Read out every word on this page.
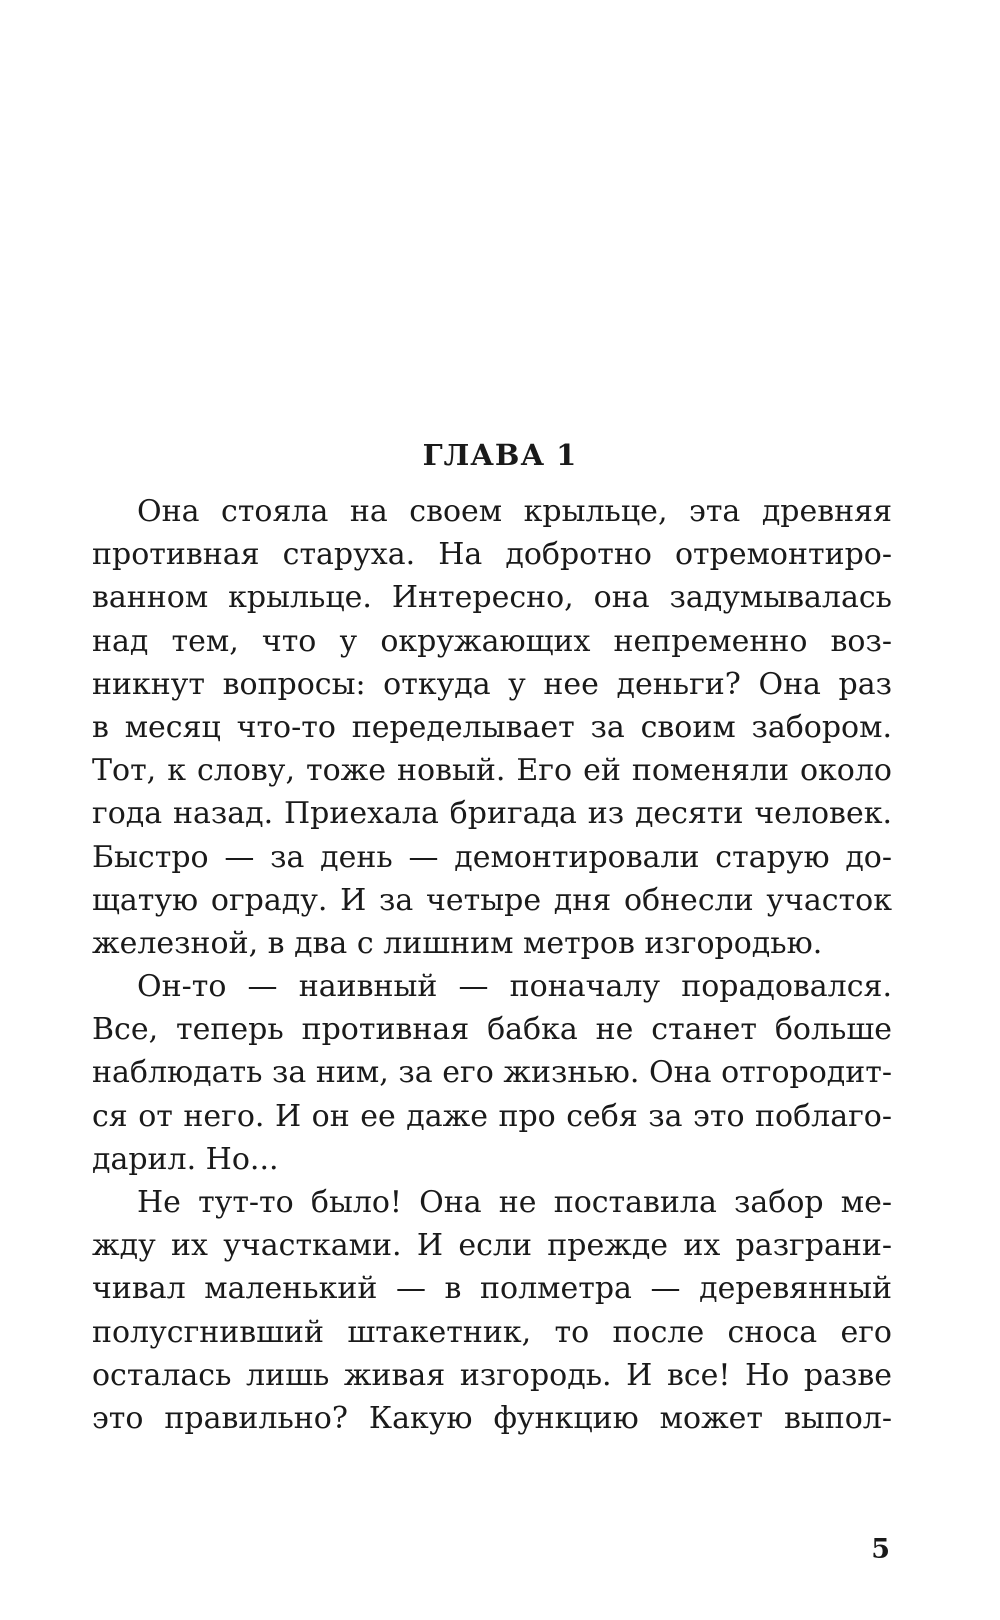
ГЛАВА 1
Она стояла на своем крыльце, эта древняя
противная старуха. На добротно отремонтиро-
ванном крыльце. Интересно, она задумывалась
над тем, что у окружающих непременно воз-
никнут вопросы: откуда у нее деньги? Она раз
в месяц что-то переделывает за своим забором.
Тот, к слову, тоже новый. Его ей поменяли около
года назад. Приехала бригада из десяти человек.
Быстро — за день — демонтировали старую до-
щатую ограду. И за четыре дня обнесли участок
железной, в два с лишним метров изгородью.
Он-то — наивный — поначалу порадовался.
Все, теперь противная бабка не станет больше
наблюдать за ним, за его жизнью. Она отгородит-
ся от него. И он ее даже про себя за это поблаго-
дарил. Но...
Не тут-то было! Она не поставила забор ме-
жду их участками. И если прежде их разграни-
чивал маленький — в полметра — деревянный
полусгнивший штакетник, то после сноса его
осталась лишь живая изгородь. И все! Но разве
это правильно? Какую функцию может выпол-
5
